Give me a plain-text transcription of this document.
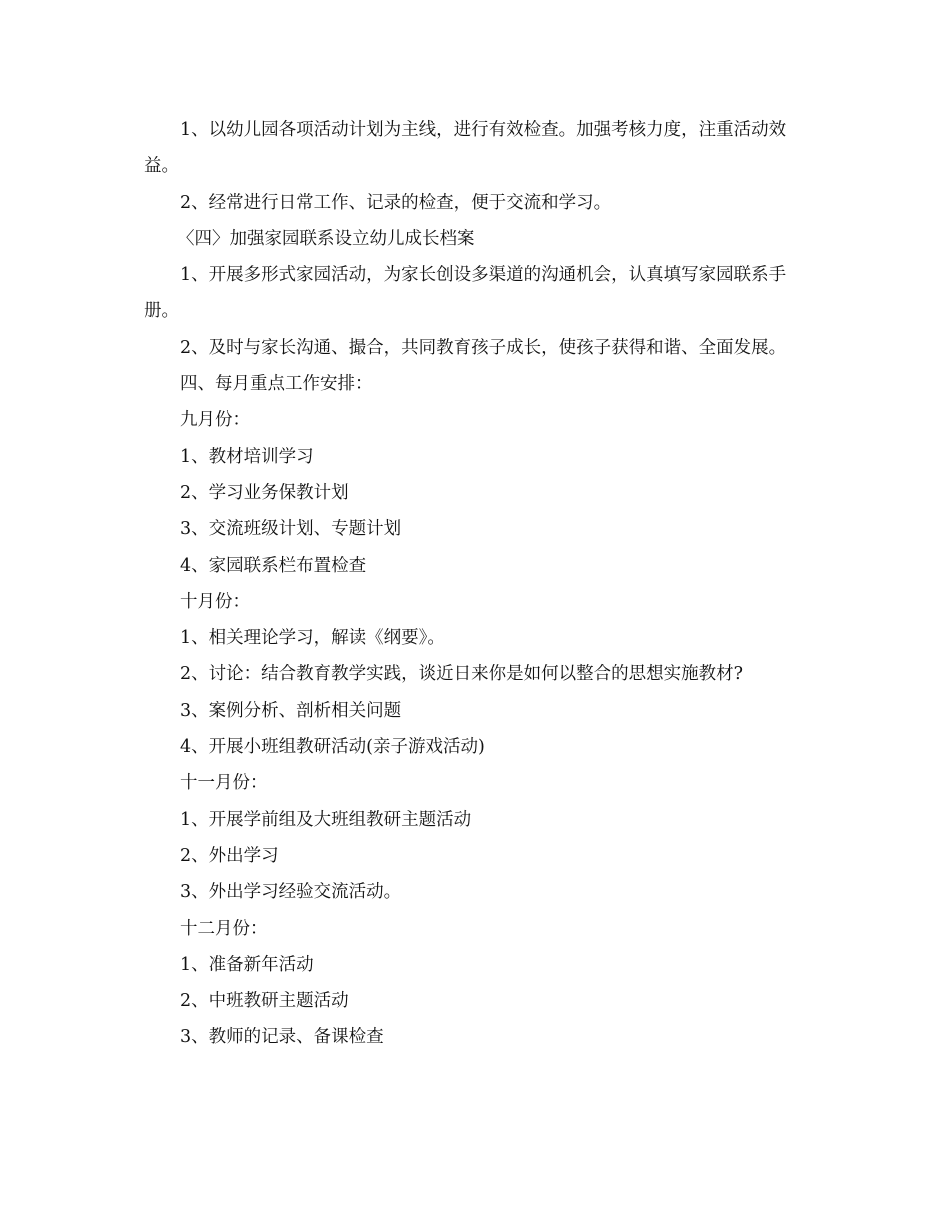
1、以幼儿园各项活动计划为主线，进行有效检查。加强考核力度，注重活动效益。

2、经常进行日常工作、记录的检查，便于交流和学习。

〈四〉加强家园联系设立幼儿成长档案

1、开展多形式家园活动，为家长创设多渠道的沟通机会，认真填写家园联系手册。

2、及时与家长沟通、撮合，共同教育孩子成长，使孩子获得和谐、全面发展。

四、每月重点工作安排：

九月份：

1、教材培训学习

2、学习业务保教计划

3、交流班级计划、专题计划

4、家园联系栏布置检查

十月份：

1、相关理论学习，解读《纲要》。

2、讨论：结合教育教学实践，谈近日来你是如何以整合的思想实施教材?

3、案例分析、剖析相关问题

4、开展小班组教研活动(亲子游戏活动)

十一月份：

1、开展学前组及大班组教研主题活动

2、外出学习

3、外出学习经验交流活动。

十二月份：

1、准备新年活动

2、中班教研主题活动

3、教师的记录、备课检查
